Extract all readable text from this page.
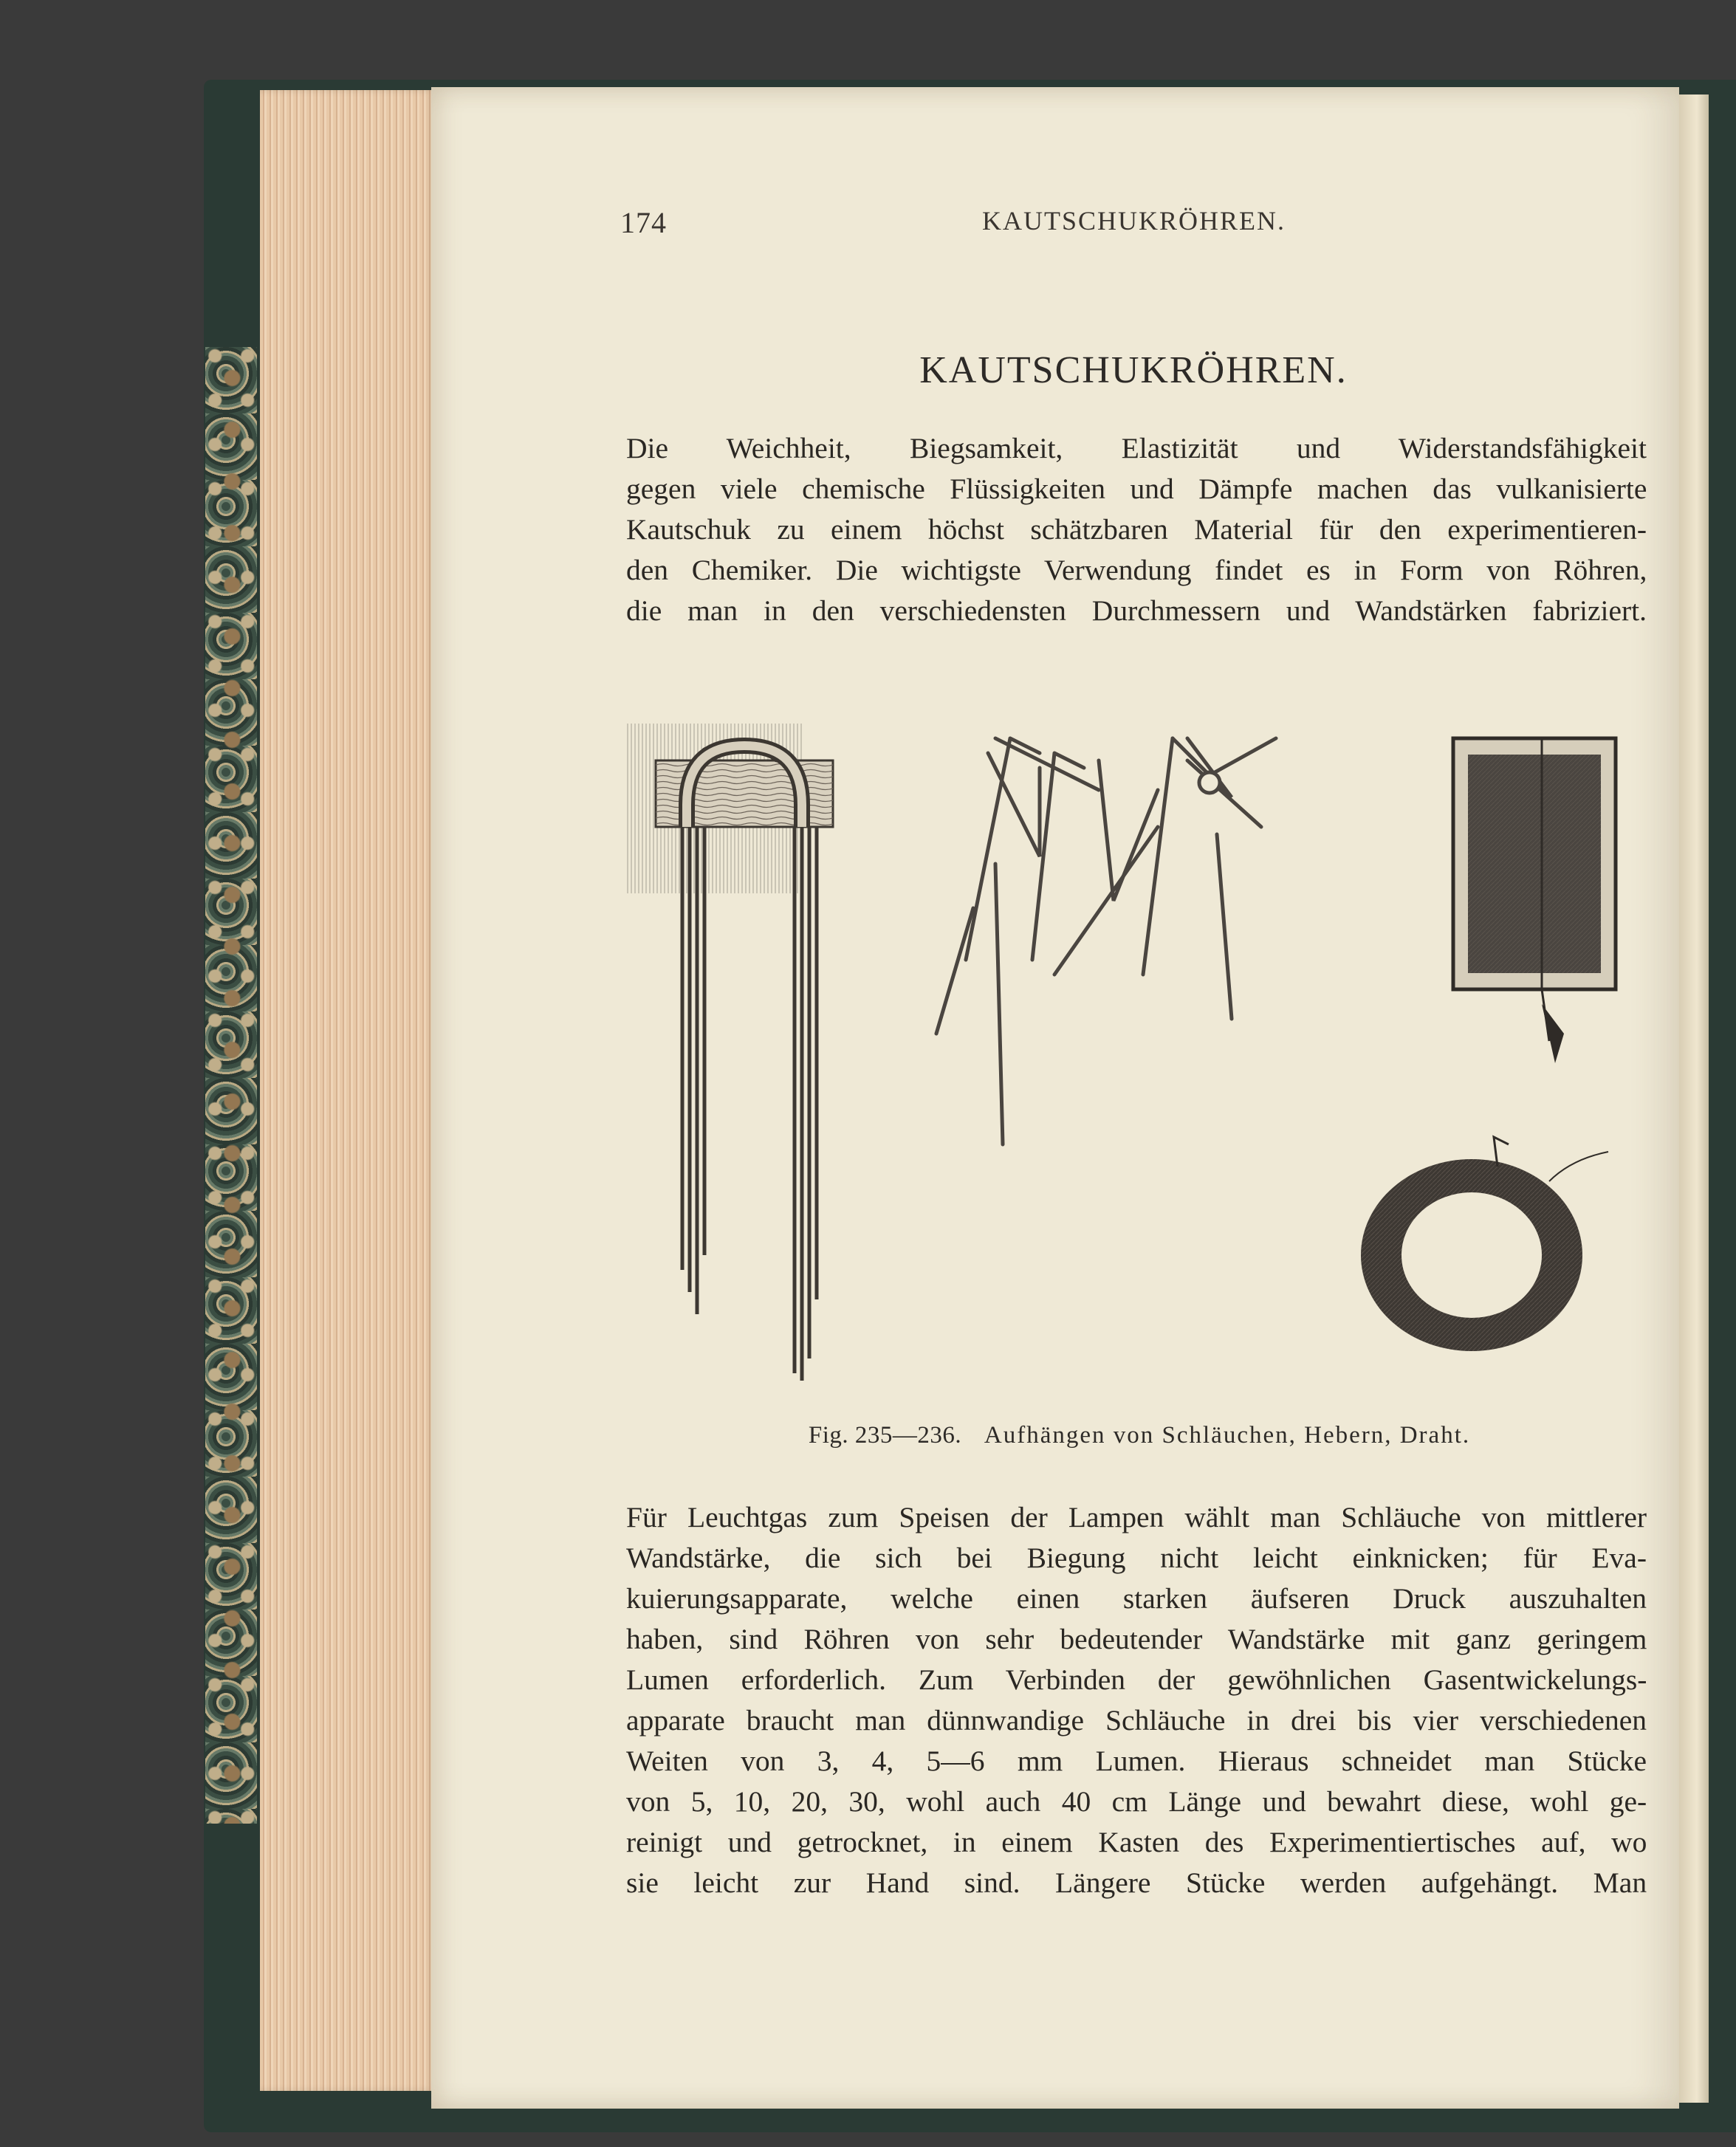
174	KAUTSCHUKRÖHREN.
KAUTSCHUKRÖHREN.

Die Weichheit, Biegsamkeit, Elastizität und Widerstandsfähigkeit
gegen viele chemische Flüssigkeiten und Dämpfe machen das vulkanisierte
Kautschuk zu einem höchst schätzbaren Material für den experimentieren-
den Chemiker. Die wichtigste Verwendung findet es in Form von Röhren,
die man in den verschiedensten Durchmessern und Wandstärken fabriziert.

Fig. 235—236. Aufhängen von Schläuchen, Hebern, Draht.

Für Leuchtgas zum Speisen der Lampen wählt man Schläuche von mittlerer
Wandstärke, die sich bei Biegung nicht leicht einknicken; für Eva-
kuierungsapparate, welche einen starken äufseren Druck auszuhalten
haben, sind Röhren von sehr bedeutender Wandstärke mit ganz geringem
Lumen erforderlich. Zum Verbinden der gewöhnlichen Gasentwickelungs-
apparate braucht man dünnwandige Schläuche in drei bis vier verschiedenen
Weiten von 3, 4, 5—6 mm Lumen. Hieraus schneidet man Stücke
von 5, 10, 20, 30, wohl auch 40 cm Länge und bewahrt diese, wohl ge-
reinigt und getrocknet, in einem Kasten des Experimentiertisches auf, wo
sie leicht zur Hand sind. Längere Stücke werden aufgehängt. Man
